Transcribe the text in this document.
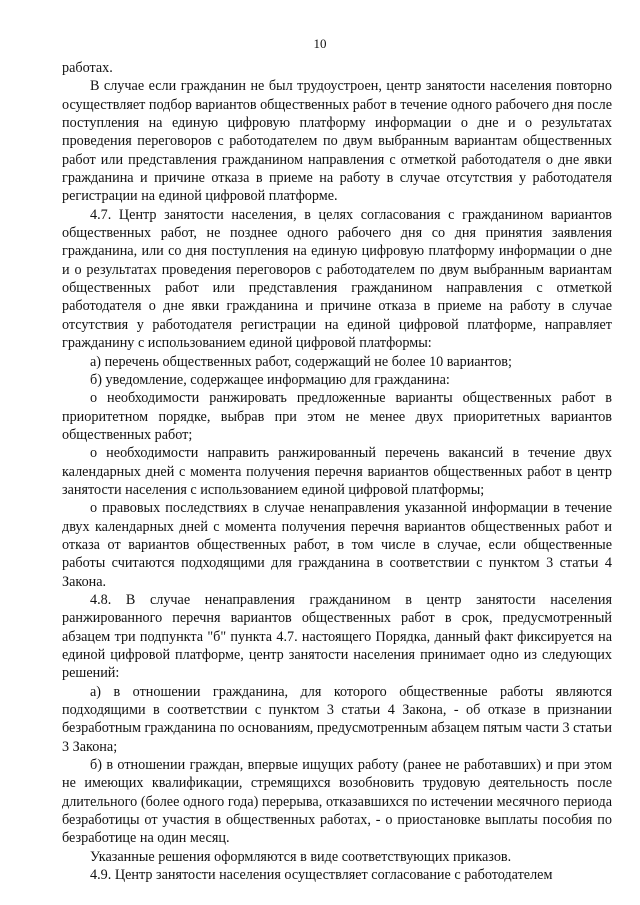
10

работах.

В случае если гражданин не был трудоустроен, центр занятости населения повторно осуществляет подбор вариантов общественных работ в течение одного рабочего дня после поступления на единую цифровую платформу информации о дне и о результатах проведения переговоров с работодателем по двум выбранным вариантам общественных работ или представления гражданином направления с отметкой работодателя о дне явки гражданина и причине отказа в приеме на работу в случае отсутствия у работодателя регистрации на единой цифровой платформе.

4.7. Центр занятости населения, в целях согласования с гражданином вариантов общественных работ, не позднее одного рабочего дня со дня принятия заявления гражданина, или со дня поступления на единую цифровую платформу информации о дне и о результатах проведения переговоров с работодателем по двум выбранным вариантам общественных работ или представления гражданином направления с отметкой работодателя о дне явки гражданина и причине отказа в приеме на работу в случае отсутствия у работодателя регистрации на единой цифровой платформе, направляет гражданину с использованием единой цифровой платформы:

а) перечень общественных работ, содержащий не более 10 вариантов;

б) уведомление, содержащее информацию для гражданина:

о необходимости ранжировать предложенные варианты общественных работ в приоритетном порядке, выбрав при этом не менее двух приоритетных вариантов общественных работ;

о необходимости направить ранжированный перечень вакансий в течение двух календарных дней с момента получения перечня вариантов общественных работ в центр занятости населения с использованием единой цифровой платформы;

о правовых последствиях в случае ненаправления указанной информации в течение двух календарных дней с момента получения перечня вариантов общественных работ и отказа от вариантов общественных работ, в том числе в случае, если общественные работы считаются подходящими для гражданина в соответствии с пунктом 3 статьи 4 Закона.

4.8. В случае ненаправления гражданином в центр занятости населения ранжированного перечня вариантов общественных работ в срок, предусмотренный абзацем три подпункта "б" пункта 4.7. настоящего Порядка, данный факт фиксируется на единой цифровой платформе, центр занятости населения принимает одно из следующих решений:

а) в отношении гражданина, для которого общественные работы являются подходящими в соответствии с пунктом 3 статьи 4 Закона, - об отказе в признании безработным гражданина по основаниям, предусмотренным абзацем пятым части 3 статьи 3 Закона;

б) в отношении граждан, впервые ищущих работу (ранее не работавших) и при этом не имеющих квалификации, стремящихся возобновить трудовую деятельность после длительного (более одного года) перерыва, отказавшихся по истечении месячного периода безработицы от участия в общественных работах, - о приостановке выплаты пособия по безработице на один месяц.

Указанные решения оформляются в виде соответствующих приказов.

4.9. Центр занятости населения осуществляет согласование с работодателем
